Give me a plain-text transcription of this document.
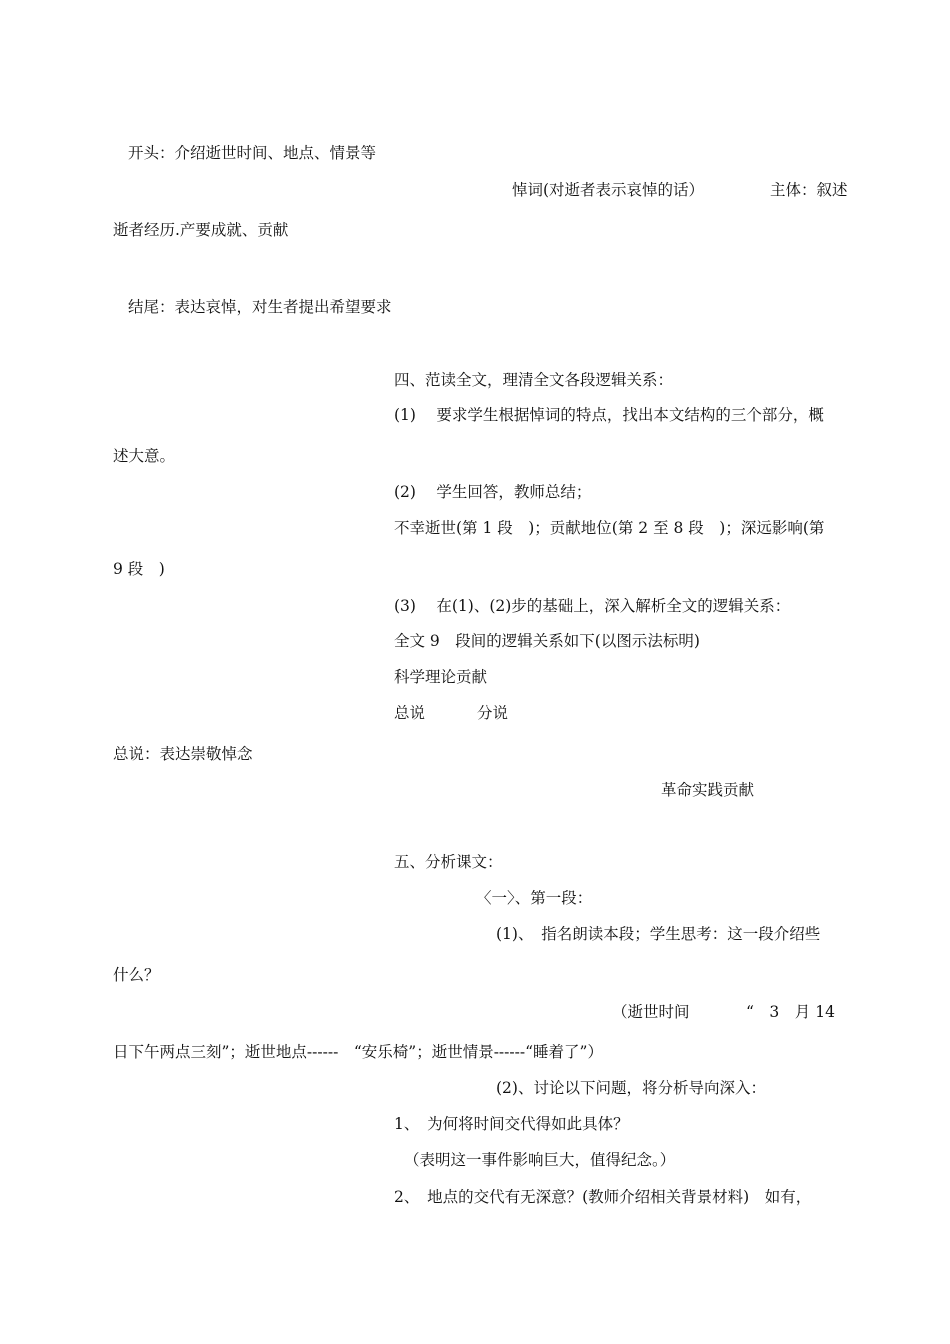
开头：介绍逝世时间、地点、情景等
悼词(对逝者表示哀悼的话）	主体：叙述
逝者经历.产要成就、贡献
结尾：表达哀悼，对生者提出希望要求
四、范读全文，理清全文各段逻辑关系：
(1)　 要求学生根据悼词的特点，找出本文结构的三个部分，概
述大意。
(2)　 学生回答，教师总结；
不幸逝世(第 1 段　)；贡献地位(第 2 至 8 段　)；深远影响(第
9 段　)
(3)　 在(1)、(2)步的基础上，深入解析全文的逻辑关系：
全文 9　段间的逻辑关系如下(以图示法标明)
科学理论贡献
总说	分说
总说：表达崇敬悼念
革命实践贡献
五、分析课文：
〈一〉、第一段：
(1)、　指名朗读本段；学生思考：这一段介绍些
什么？
（逝世时间	“　3　月 14
日下午两点三刻”；逝世地点------　“安乐椅”；逝世情景------“睡着了”）
(2)、讨论以下问题，将分析导向深入：
1、　为何将时间交代得如此具体？
（表明这一事件影响巨大，值得纪念。）
2、　地点的交代有无深意？(教师介绍相关背景材料)　如有，
